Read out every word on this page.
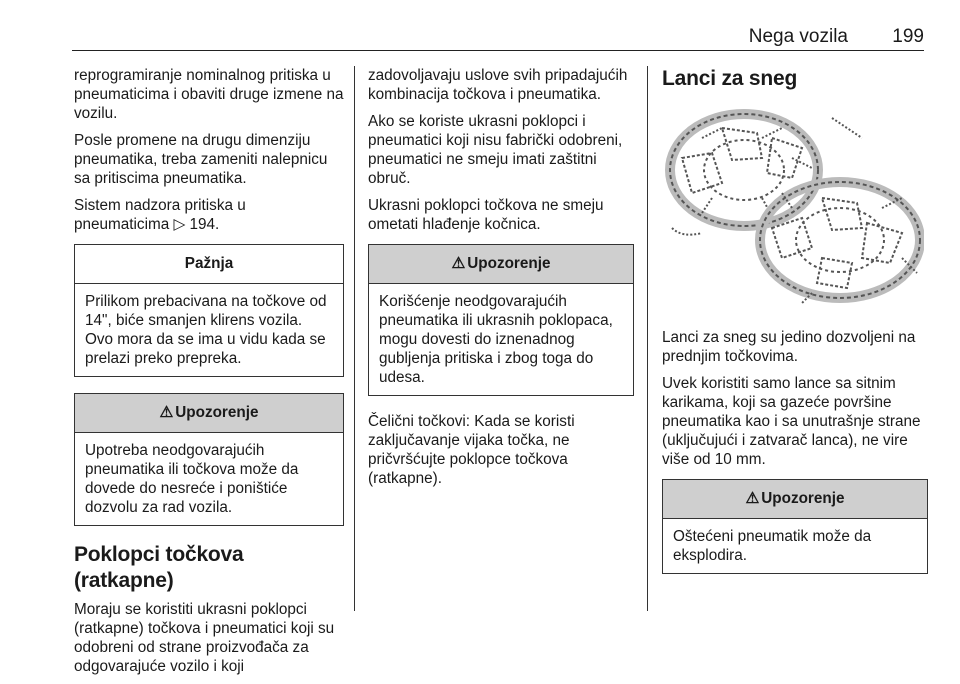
Nega vozila 199

reprogramiranje nominalnog pritiska u pneumaticima i obaviti druge izmene na vozilu.

Posle promene na drugu dimenziju pneumatika, treba zameniti nalepnicu sa pritiscima pneumatika.

Sistem nadzora pritiska u pneumaticima ▷ 194.

Pažnja
Prilikom prebacivana na točkove od 14", biće smanjen klirens vozila. Ovo mora da se ima u vidu kada se prelazi preko prepreka.
⚠ Upozorenje
Upotreba neodgovarajućih pneumatika ili točkova može da dovede do nesreće i poništiće dozvolu za rad vozila.
Poklopci točkova (ratkapne)

Moraju se koristiti ukrasni poklopci (ratkapne) točkova i pneumatici koji su odobreni od strane proizvođača za odgovarajuće vozilo i koji

zadovoljavaju uslove svih pripadajućih kombinacija točkova i pneumatika.

Ako se koriste ukrasni poklopci i pneumatici koji nisu fabrički odobreni, pneumatici ne smeju imati zaštitni obruč.

Ukrasni poklopci točkova ne smeju ometati hlađenje kočnica.

⚠ Upozorenje
Korišćenje neodgovarajućih pneumatika ili ukrasnih poklopaca, mogu dovesti do iznenadnog gubljenja pritiska i zbog toga do udesa.

Čelični točkovi: Kada se koristi zaključavanje vijaka točka, ne pričvršćujte poklopce točkova (ratkapne).

Lanci za sneg

Lanci za sneg su jedino dozvoljeni na prednjim točkovima.

Uvek koristiti samo lance sa sitnim karikama, koji sa gazeće površine pneumatika kao i sa unutrašnje strane (uključujući i zatvarač lanca), ne vire više od 10 mm.

⚠ Upozorenje
Oštećeni pneumatik može da eksplodira.
